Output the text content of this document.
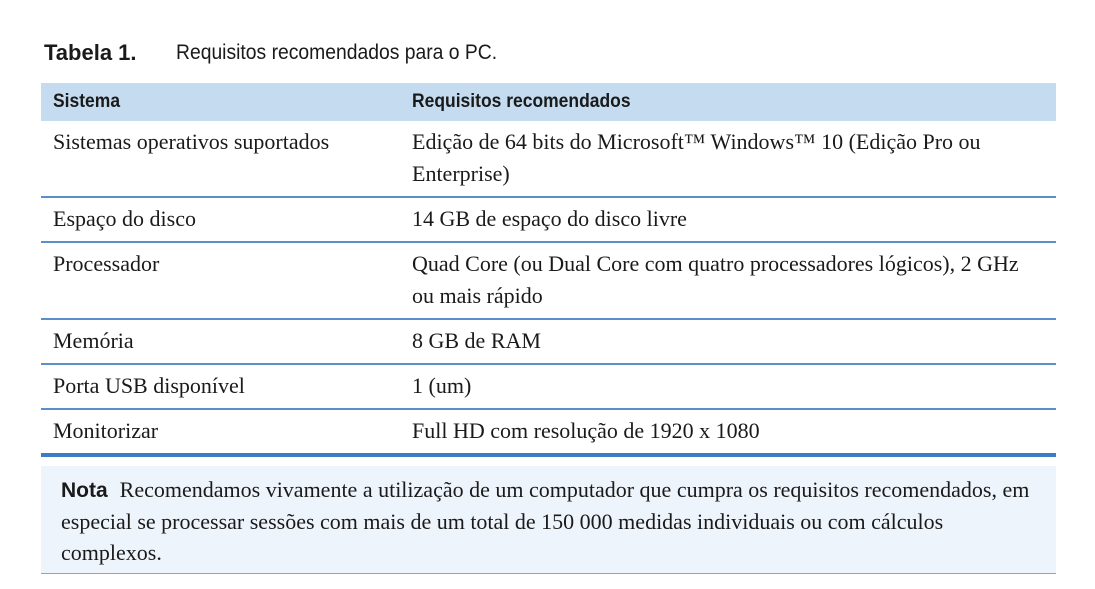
Tabela 1.	Requisitos recomendados para o PC.
Sistema	Requisitos recomendados
Sistemas operativos suportados	Edição de 64 bits do Microsoft™ Windows™ 10 (Edição Pro ou Enterprise)
Espaço do disco	14 GB de espaço do disco livre
Processador	Quad Core (ou Dual Core com quatro processadores lógicos), 2 GHz ou mais rápido
Memória	8 GB de RAM
Porta USB disponível	1 (um)
Monitorizar	Full HD com resolução de 1920 x 1080
Nota Recomendamos vivamente a utilização de um computador que cumpra os requisitos recomendados, em especial se processar sessões com mais de um total de 150 000 medidas individuais ou com cálculos complexos.
